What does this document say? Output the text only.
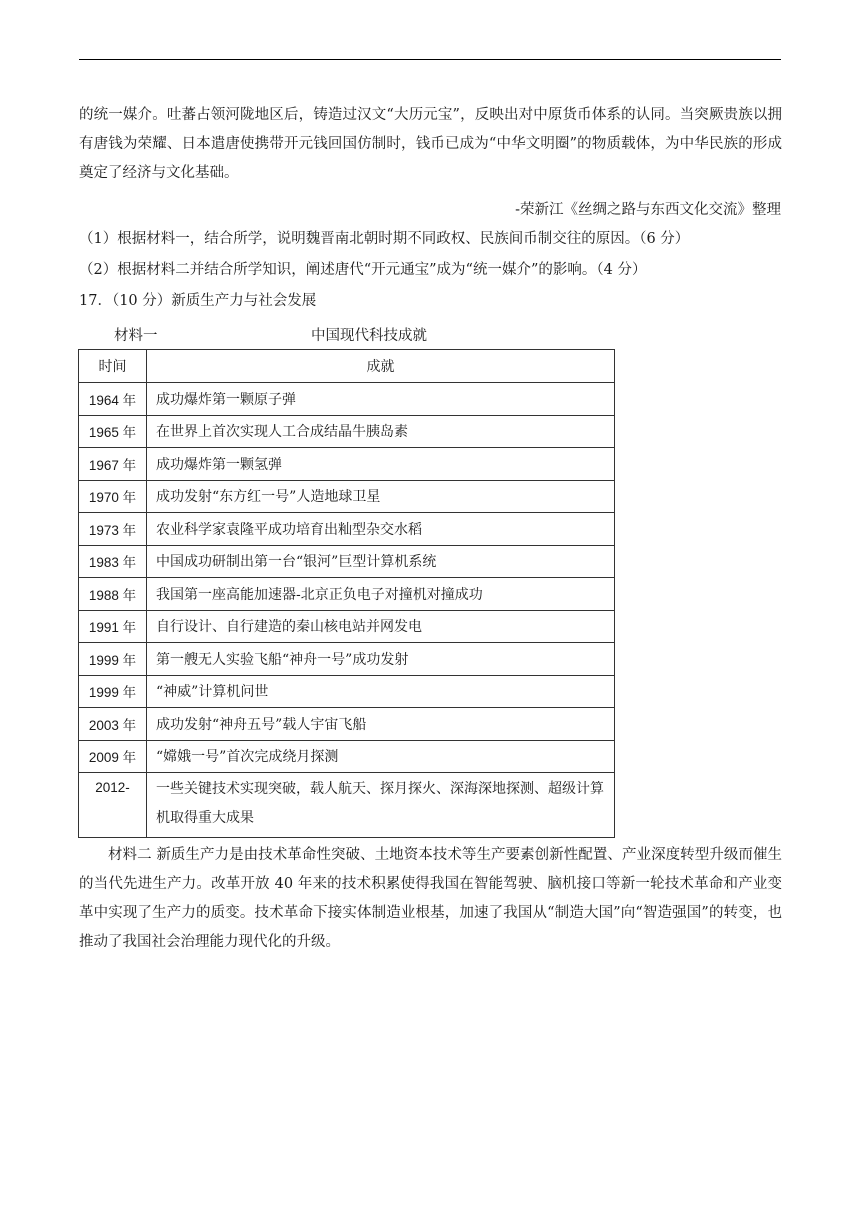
的统一媒介。吐蕃占领河陇地区后，铸造过汉文“大历元宝”，反映出对中原货币体系的认同。当突厥贵族以拥有唐钱为荣耀、日本遣唐使携带开元钱回国仿制时，钱币已成为“中华文明圈”的物质载体，为中华民族的形成奠定了经济与文化基础。
-荣新江《丝绸之路与东西文化交流》整理
（1）根据材料一，结合所学，说明魏晋南北朝时期不同政权、民族间币制交往的原因。（6 分）
（2）根据材料二并结合所学知识，阐述唐代“开元通宝”成为“统一媒介”的影响。（4 分）
17．（10 分）新质生产力与社会发展
材料一	中国现代科技成就
时间	成就
1964 年	成功爆炸第一颗原子弹
1965 年	在世界上首次实现人工合成结晶牛胰岛素
1967 年	成功爆炸第一颗氢弹
1970 年	成功发射“东方红一号”人造地球卫星
1973 年	农业科学家袁隆平成功培育出籼型杂交水稻
1983 年	中国成功研制出第一台“银河”巨型计算机系统
1988 年	我国第一座高能加速器-北京正负电子对撞机对撞成功
1991 年	自行设计、自行建造的秦山核电站并网发电
1999 年	第一艘无人实验飞船“神舟一号”成功发射
1999 年	“神威”计算机问世
2003 年	成功发射“神舟五号”载人宇宙飞船
2009 年	“嫦娥一号”首次完成绕月探测
2012-	一些关键技术实现突破，载人航天、探月探火、深海深地探测、超级计算机取得重大成果
材料二 新质生产力是由技术革命性突破、土地资本技术等生产要素创新性配置、产业深度转型升级而催生的当代先进生产力。改革开放 40 年来的技术积累使得我国在智能驾驶、脑机接口等新一轮技术革命和产业变革中实现了生产力的质变。技术革命下接实体制造业根基，加速了我国从“制造大国”向“智造强国”的转变，也推动了我国社会治理能力现代化的升级。
